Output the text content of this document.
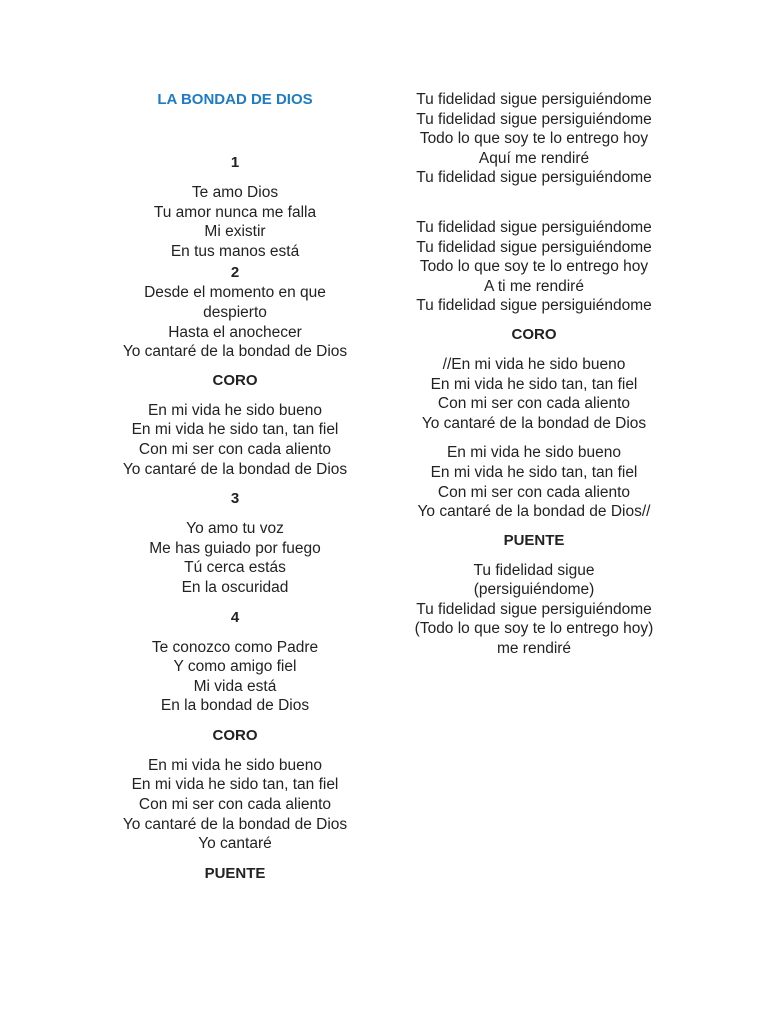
LA BONDAD DE DIOS

1

Te amo Dios

Tu amor nunca me falla

Mi existir

En tus manos está

2

Desde el momento en que

despierto

Hasta el anochecer

Yo cantaré de la bondad de Dios

CORO

En mi vida he sido bueno

En mi vida he sido tan, tan fiel

Con mi ser con cada aliento

Yo cantaré de la bondad de Dios

3

Yo amo tu voz

Me has guiado por fuego

Tú cerca estás

En la oscuridad

4

Te conozco como Padre

Y como amigo fiel

Mi vida está

En la bondad de Dios

CORO

En mi vida he sido bueno

En mi vida he sido tan, tan fiel

Con mi ser con cada aliento

Yo cantaré de la bondad de Dios

Yo cantaré

PUENTE

Tu fidelidad sigue persiguiéndome

Tu fidelidad sigue persiguiéndome

Todo lo que soy te lo entrego hoy

Aquí me rendiré

Tu fidelidad sigue persiguiéndome

Tu fidelidad sigue persiguiéndome

Tu fidelidad sigue persiguiéndome

Todo lo que soy te lo entrego hoy

A ti me rendiré

Tu fidelidad sigue persiguiéndome

CORO

//En mi vida he sido bueno

En mi vida he sido tan, tan fiel

Con mi ser con cada aliento

Yo cantaré de la bondad de Dios

En mi vida he sido bueno

En mi vida he sido tan, tan fiel

Con mi ser con cada aliento

Yo cantaré de la bondad de Dios//

PUENTE

Tu fidelidad sigue

(persiguiéndome)

Tu fidelidad sigue persiguiéndome

(Todo lo que soy te lo entrego hoy)

me rendiré
